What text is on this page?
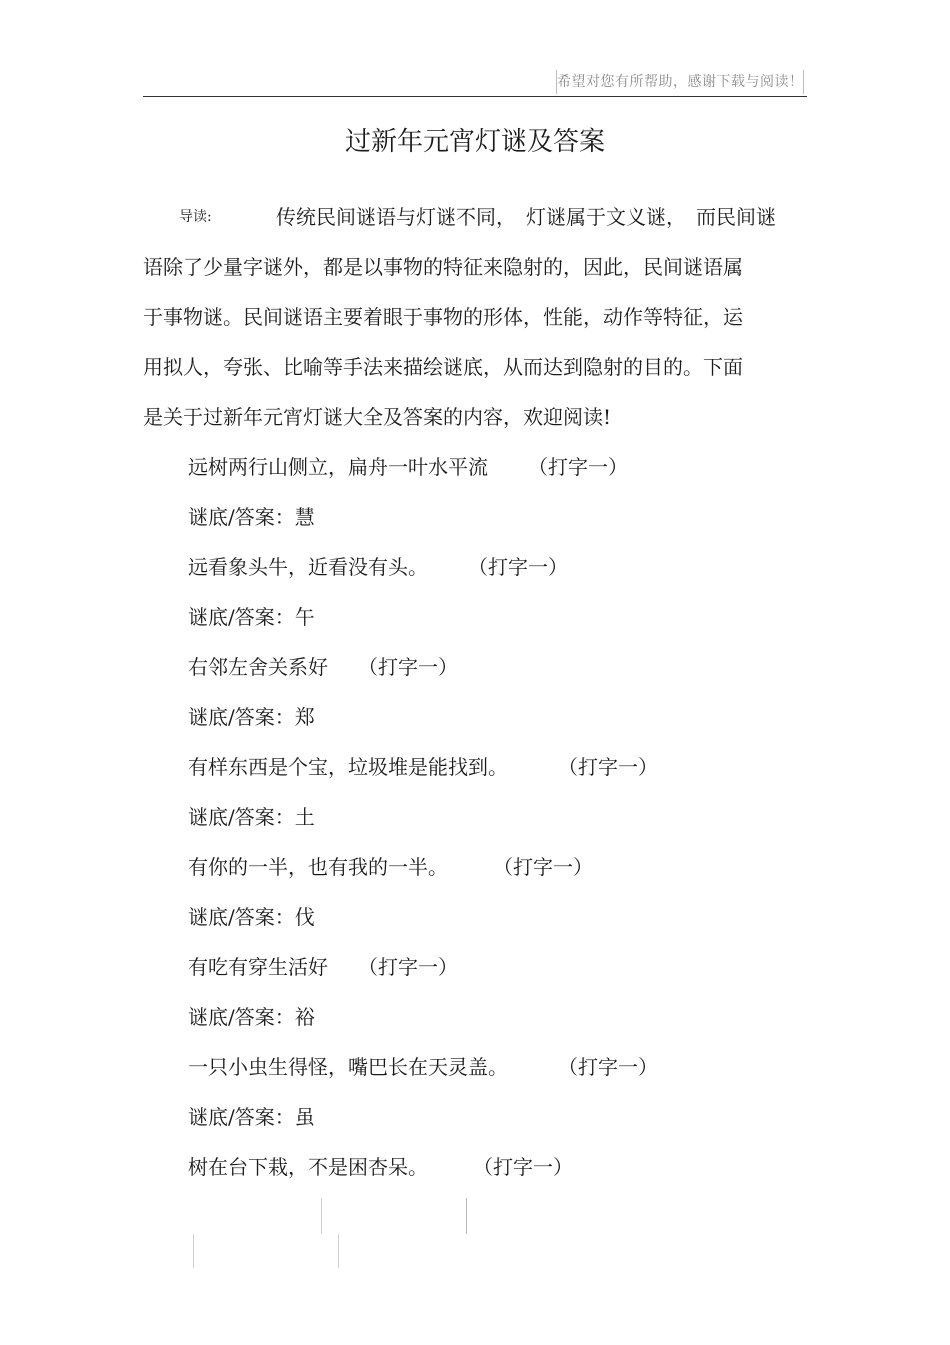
希望对您有所帮助，感谢下载与阅读！
过新年元宵灯谜及答案
导读:	传统民间谜语与灯谜不同，　灯谜属于文义谜，　而民间谜
语除了少量字谜外，都是以事物的特征来隐射的，因此，民间谜语属
于事物谜。民间谜语主要着眼于事物的形体，性能，动作等特征，运
用拟人，夸张、比喻等手法来描绘谜底，从而达到隐射的目的。下面
是关于过新年元宵灯谜大全及答案的内容，欢迎阅读!
远树两行山侧立，扁舟一叶水平流 （打字一）
谜底/答案：慧
远看象头牛，近看没有头。 （打字一）
谜底/答案：午
右邻左舍关系好 （打字一）
谜底/答案：郑
有样东西是个宝，垃圾堆是能找到。	（打字一）
谜底/答案：土
有你的一半，也有我的一半。 （打字一）
谜底/答案：伐
有吃有穿生活好 （打字一）
谜底/答案：裕
一只小虫生得怪，嘴巴长在天灵盖。	（打字一）
谜底/答案：虽
树在台下栽，不是困杏呆。 （打字一）
